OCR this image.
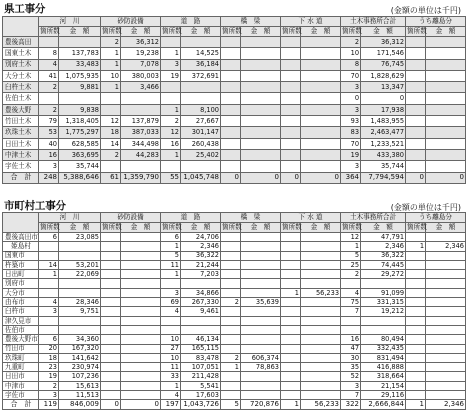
県工事分	(金額の単位は千円)
	河　川		砂防設備		道　路		橋　梁		下 水 道		土木事務所合計		うち離島分	
	箇所数	金　額	箇所数	金　額	箇所数	金　額	箇所数	金　額	箇所数	金　額	箇所数	金　額	箇所数	金　額
豊後高田			2	36,312							2	36,312		
国東土木	8	137,783	1	19,238	1	14,525					10	171,546		
別府土木	4	33,483	1	7,078	3	36,184					8	76,745		
大分土木	41	1,075,935	10	380,003	19	372,691					70	1,828,629		
臼杵土木	2	9,881	1	3,466							3	13,347		
佐伯土木											0	0		
豊後大野	2	9,838			1	8,100					3	17,938		
竹田土木	79	1,318,405	12	137,879	2	27,667					93	1,483,955		
玖珠土木	53	1,775,297	18	387,033	12	301,147					83	2,463,477		
日田土木	40	628,585	14	344,498	16	260,438					70	1,233,521		
中津土木	16	363,695	2	44,283	1	25,402					19	433,380		
宇佐土木	3	35,744									3	35,744		
合　計	248	5,388,646	61	1,359,790	55	1,045,748	0	0	0	0	364	7,794,594	0	0
市町村工事分	(金額の単位は千円)
	河　川		砂防設備		道　路		橋　梁		下 水 道		土木事務所合計		うち離島分	
	箇所数	金　額	箇所数	金　額	箇所数	金　額	箇所数	金　額	箇所数	金　額	箇所数	金　額	箇所数	金　額
豊後高田市	6	23,085			6	24,706					12	47,791		
姫島村					1	2,346					1	2,346	1	2,346
国東市					5	36,322					5	36,322		
杵築市	14	53,201			11	21,244					25	74,445		
日出町	1	22,069			1	7,203					2	29,272		
別府市														
大分市					3	34,866			1	56,233	4	91,099		
由布市	4	28,346			69	267,330	2	35,639			75	331,315		
臼杵市	3	9,751			4	9,461					7	19,212		
津久見市														
佐伯市														
豊後大野市	6	34,360			10	46,134					16	80,494		
竹田市	20	167,320			27	165,115					47	332,435		
玖珠町	18	141,642			10	83,478	2	606,374			30	831,494		
九重町	23	230,974			11	107,051	1	78,863			35	416,888		
日田市	19	107,236			33	211,428					52	318,664		
中津市	2	15,613			1	5,541					3	21,154		
宇佐市	3	11,513			4	17,603					7	29,116		
合　計	119	846,009	0	0	197	1,043,726	5	720,876	1	56,233	322	2,666,844	1	2,346
